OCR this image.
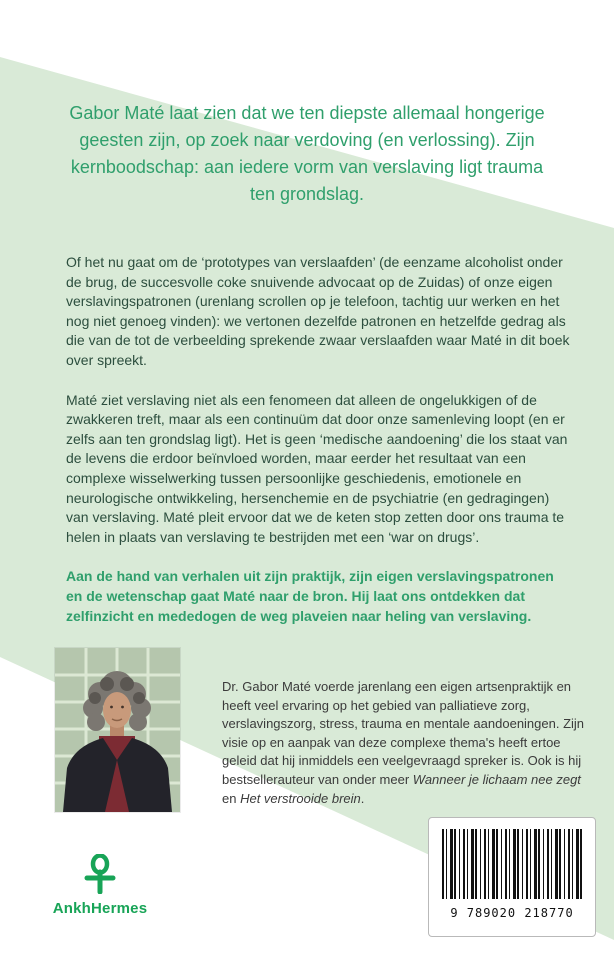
Gabor Maté laat zien dat we ten diepste allemaal hongerige geesten zijn, op zoek naar verdoving (en verlossing). Zijn kernboodschap: aan iedere vorm van verslaving ligt trauma ten grondslag.

Of het nu gaat om de ‘prototypes van verslaafden’ (de eenzame alcoholist onder de brug, de succesvolle coke snuivende advocaat op de Zuidas) of onze eigen verslavingspatronen (urenlang scrollen op je telefoon, tachtig uur werken en het nog niet genoeg vinden): we vertonen dezelfde patronen en hetzelfde gedrag als die van de tot de verbeelding sprekende zwaar verslaafden waar Maté in dit boek over spreekt.

Maté ziet verslaving niet als een fenomeen dat alleen de ongelukkigen of de zwakkeren treft, maar als een continuüm dat door onze samenleving loopt (en er zelfs aan ten grondslag ligt). Het is geen ‘medische aandoening’ die los staat van de levens die erdoor beïnvloed worden, maar eerder het resultaat van een complexe wisselwerking tussen persoonlijke geschiedenis, emotionele en neurologische ontwikkeling, hersenchemie en de psychiatrie (en gedragingen) van verslaving. Maté pleit ervoor dat we de keten stop zetten door ons trauma te helen in plaats van verslaving te bestrijden met een ‘war on drugs’.

Aan de hand van verhalen uit zijn praktijk, zijn eigen verslavingspatronen en de wetenschap gaat Maté naar de bron. Hij laat ons ontdekken dat zelfinzicht en mededogen de weg plaveien naar heling van verslaving.

Dr. Gabor Maté voerde jarenlang een eigen artsenpraktijk en heeft veel ervaring op het gebied van palliatieve zorg, verslavingszorg, stress, trauma en mentale aandoeningen. Zijn visie op en aanpak van deze complexe thema's heeft ertoe geleid dat hij inmiddels een veelgevraagd spreker is. Ook is hij bestsellerauteur van onder meer Wanneer je lichaam nee zegt en Het verstrooide brein.

AnkhHermes	9 789020 218770
